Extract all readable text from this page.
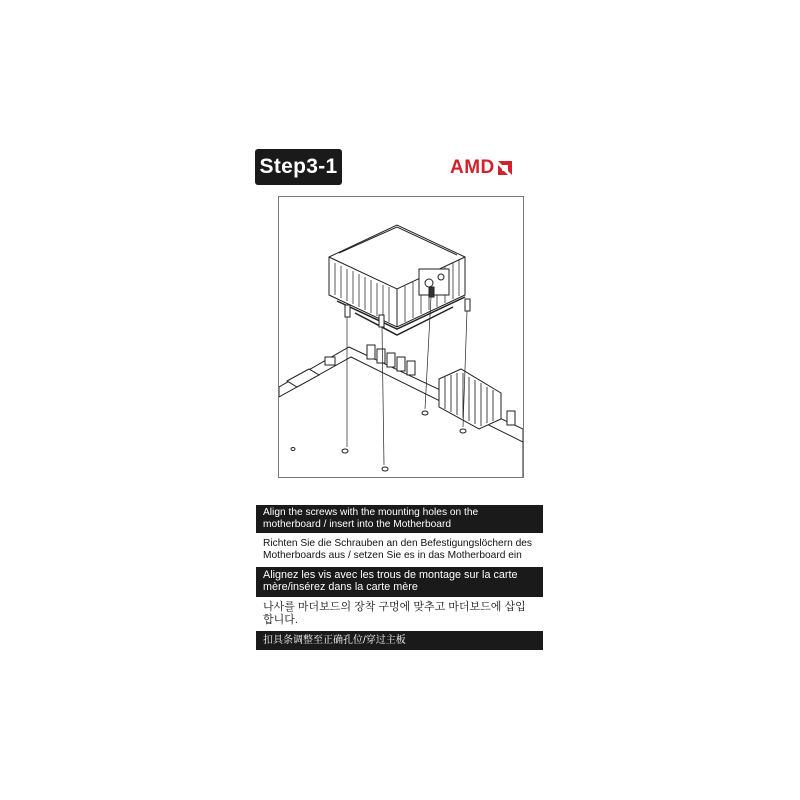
Step3-1	AMD
Align the screws with the mounting holes on the motherboard / insert into the Motherboard
Richten Sie die Schrauben an den Befestigungslöchern des Motherboards aus / setzen Sie es in das Motherboard ein
Alignez les vis avec les trous de montage sur la carte mère/insérez dans la carte mère
나사를 마더보드의 장착 구멍에 맞추고 마더보드에 삽입합니다.
扣具条调整至正确孔位/穿过主板
